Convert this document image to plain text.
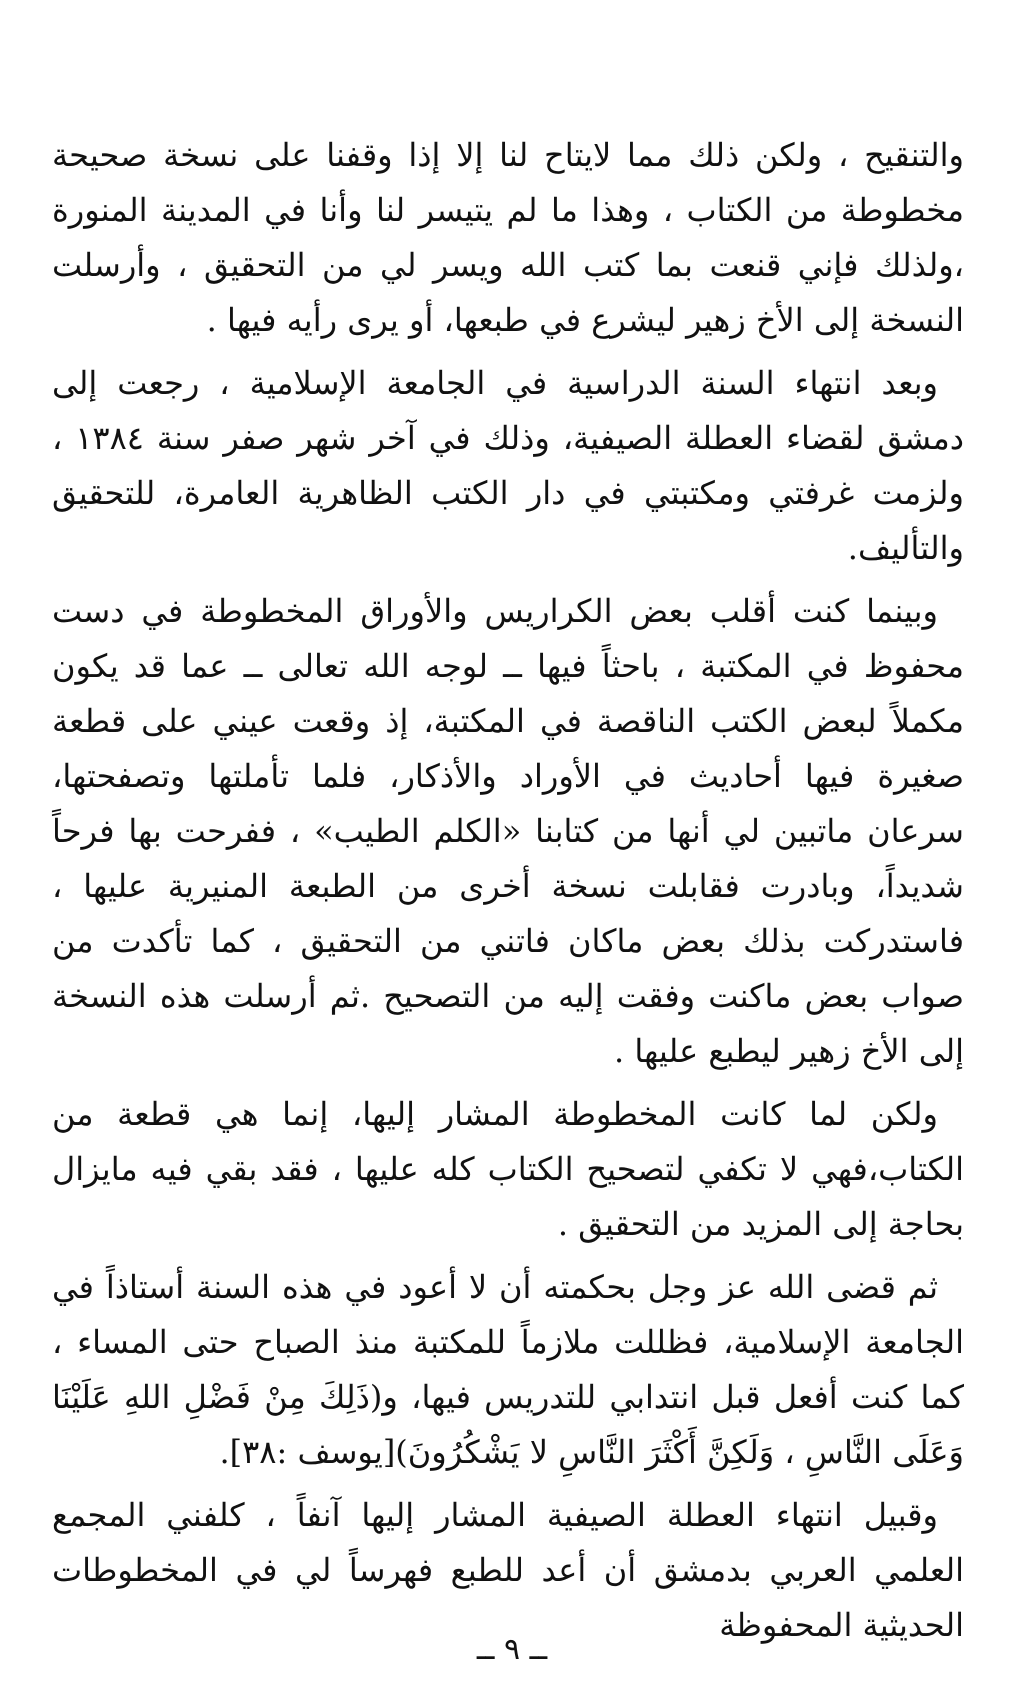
والتنقيح ، ولكن ذلك مما لايتاح لنا إلا إذا وقفنا على نسخة صحيحة مخطوطة من الكتاب ، وهذا ما لم يتيسر لنا وأنا في المدينة المنورة ،ولذلك فإني قنعت بما كتب الله ويسر لي من التحقيق ، وأرسلت النسخة إلى الأخ زهير ليشرع في طبعها، أو يرى رأيه فيها .

وبعد انتهاء السنة الدراسية في الجامعة الإسلامية ، رجعت إلى دمشق لقضاء العطلة الصيفية، وذلك في آخر شهر صفر سنة ١٣٨٤ ، ولزمت غرفتي ومكتبتي في دار الكتب الظاهرية العامرة، للتحقيق والتأليف.

وبينما كنت أقلب بعض الكراريس والأوراق المخطوطة في دست محفوظ في المكتبة ، باحثاً فيها ــ لوجه الله تعالى ــ عما قد يكون مكملاً لبعض الكتب الناقصة في المكتبة، إذ وقعت عيني على قطعة صغيرة فيها أحاديث في الأوراد والأذكار، فلما تأملتها وتصفحتها، سرعان ماتبين لي أنها من كتابنا «الكلم الطيب» ، ففرحت بها فرحاً شديداً، وبادرت فقابلت نسخة أخرى من الطبعة المنيرية عليها ، فاستدركت بذلك بعض ماكان فاتني من التحقيق ، كما تأكدت من صواب بعض ماكنت وفقت إليه من التصحيح .ثم أرسلت هذه النسخة إلى الأخ زهير ليطبع عليها .

ولكن لما كانت المخطوطة المشار إليها، إنما هي قطعة من الكتاب،فهي لا تكفي لتصحيح الكتاب كله عليها ، فقد بقي فيه مايزال بحاجة إلى المزيد من التحقيق .

ثم قضى الله عز وجل بحكمته أن لا أعود في هذه السنة أستاذاً في الجامعة الإسلامية، فظللت ملازماً للمكتبة منذ الصباح حتى المساء ، كما كنت أفعل قبل انتدابي للتدريس فيها، و(ذَلِكَ مِنْ فَضْلِ اللهِ عَلَيْنَا وَعَلَى النَّاسِ ، وَلَكِنَّ أَكْثَرَ النَّاسِ لا يَشْكُرُونَ)[يوسف :٣٨].

وقبيل انتهاء العطلة الصيفية المشار إليها آنفاً ، كلفني المجمع العلمي العربي بدمشق أن أعد للطبع فهرساً لي في المخطوطات الحديثية المحفوظة

ــ ٩ ــ
